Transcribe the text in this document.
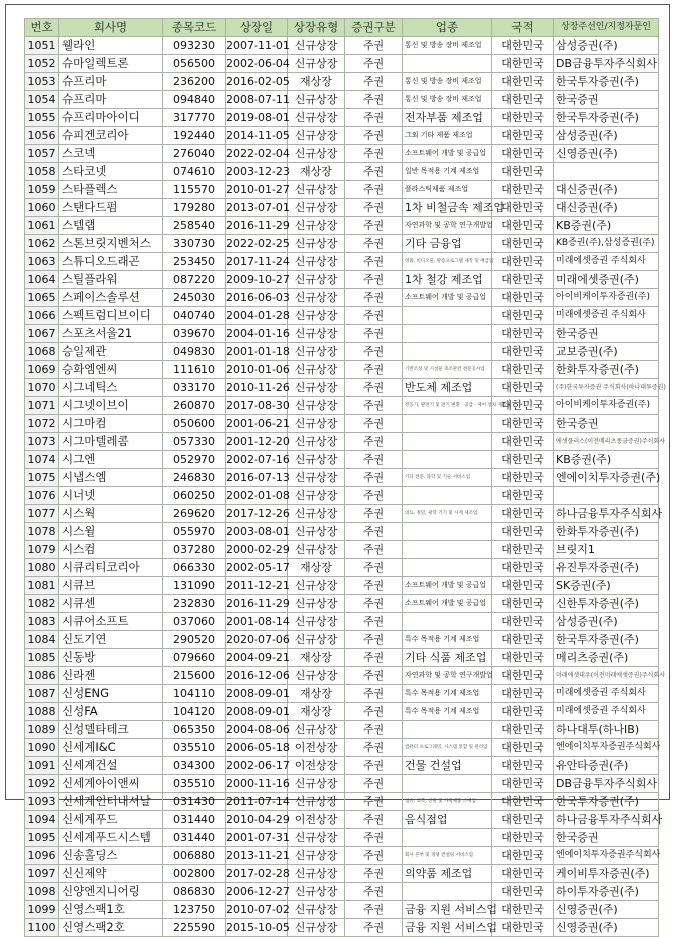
번호	회사명	종목코드	상장일	상장유형	증권구분	업종	국적	상장주선인/지정자문인
1051	웰라인	093230	2007-11-01	신규상장	주권	통신 및 방송 장비 제조업	대한민국	삼성증권(주)
1052	슈마일렉트론	056500	2002-06-04	신규상장	주권		대한민국	DB금융투자주식회사
1053	슈프리마	236200	2016-02-05	재상장	주권	통신 및 방송 장비 제조업	대한민국	한국투자증권(주)
1054	슈프리마	094840	2008-07-11	신규상장	주권	통신 및 방송 장비 제조업	대한민국	한국증권
1055	슈프리마아이디	317770	2019-08-01	신규상장	주권	전자부품 제조업	대한민국	한국투자증권(주)
1056	슈피겐코리아	192440	2014-11-05	신규상장	주권	그외 기타 제품 제조업	대한민국	삼성증권(주)
1057	스코넥	276040	2022-02-04	신규상장	주권	소프트웨어 개발 및 공급업	대한민국	신영증권(주)
1058	스타코넷	074610	2003-12-23	재상장	주권	일반 목적용 기계 제조업	대한민국	
1059	스타플렉스	115570	2010-01-27	신규상장	주권	플라스틱제품 제조업	대한민국	대신증권(주)
1060	스탠다드펌	179280	2013-07-01	신규상장	주권	1차 비철금속 제조업	대한민국	대신증권(주)
1061	스템랩	258540	2016-11-29	신규상장	주권	자연과학 및 공학 연구개발업	대한민국	KB증권(주)
1062	스톤브릿지벤처스	330730	2022-02-25	신규상장	주권	기타 금융업	대한민국	KB증권(주),삼성증권(주)
1063	스튜디오드래곤	253450	2017-11-24	신규상장	주권	영화, 비디오물, 방송프로그램 제작 및 배급업	대한민국	미래에셋증권 주식회사
1064	스틸플라워	087220	2009-10-27	신규상장	주권	1차 철강 제조업	대한민국	미래에셋증권(주)
1065	스페이스솔루션	245030	2016-06-03	신규상장	주권	소프트웨어 개발 및 공급업	대한민국	아이비케이투자증권(주)
1066	스펙트럼디브이디	040740	2004-01-28	신규상장	주권		대한민국	미래에셋증권 주식회사
1067	스포츠서울21	039670	2004-01-16	신규상장	주권		대한민국	한국증권
1068	승일제관	049830	2001-01-18	신규상장	주권		대한민국	교보증권(주)
1069	승화엠엔씨	111610	2010-01-06	신규상장	주권	기반조성 및 시설물 축조관련 전문공사업	대한민국	한화투자증권(주)
1070	시그네틱스	033170	2010-11-26	신규상장	주권	반도체 제조업	대한민국	(주)한국투자증권 주식회사(하나대투증권)
1071	시그넷이브이	260870	2017-08-30	신규상장	주권	전동기, 발전기 및 전기 변환 · 공급 · 제어 장치 제조업	대한민국	아이비케이투자증권(주)
1072	시그마컴	050600	2001-06-21	신규상장	주권		대한민국	한국증권
1073	시그마텔레콤	057330	2001-12-20	신규상장	주권		대한민국	에셋플러스(이전메리츠종금증권)주식회사
1074	시그엔	052970	2002-07-16	신규상장	주권		대한민국	KB증권(주)
1075	시냅스엠	246830	2016-07-13	신규상장	주권	기타 전문, 과학 및 기술 서비스업	대한민국	엔에이치투자증권(주)
1076	시너넷	060250	2002-01-08	신규상장	주권		대한민국	
1077	시스웍	269620	2017-12-26	신규상장	주권	의료, 정밀, 광학 기기 및 시계 제조업	대한민국	하나금융투자주식회사
1078	시스윌	055970	2003-08-01	신규상장	주권		대한민국	한화투자증권(주)
1079	시스컴	037280	2000-02-29	신규상장	주권		대한민국	브릿지1
1080	시큐리티코리아	066330	2002-05-17	재상장	주권		대한민국	유진투자증권(주)
1081	시큐브	131090	2011-12-21	신규상장	주권	소프트웨어 개발 및 공급업	대한민국	SK증권(주)
1082	시큐센	232830	2016-11-29	신규상장	주권	소프트웨어 개발 및 공급업	대한민국	신한투자증권(주)
1083	시큐어소프트	037060	2001-08-14	신규상장	주권		대한민국	삼성증권(주)
1084	신도기연	290520	2020-07-06	신규상장	주권	특수 목적용 기계 제조업	대한민국	한국투자증권(주)
1085	신동방	079660	2004-09-21	재상장	주권	기타 식품 제조업	대한민국	메리츠증권(주)
1086	신라젠	215600	2016-12-06	신규상장	주권	자연과학 및 공학 연구개발업	대한민국	미래에셋대우(이전미래에셋증권)주식회사
1087	신성ENG	104110	2008-09-01	재상장	주권	특수 목적용 기계 제조업	대한민국	미래에셋증권 주식회사
1088	신성FA	104120	2008-09-01	재상장	주권	특수 목적용 기계 제조업	대한민국	미래에셋증권 주식회사
1089	신성델타테크	065350	2004-08-06	신규상장	주권		대한민국	하나대투(하나IB)
1090	신세계I&C	035510	2006-05-18	이전상장	주권	컴퓨터 프로그래밍, 시스템 통합 및 관리업	대한민국	엔에이치투자증권주식회사
1091	신세계건설	034300	2002-06-17	이전상장	주권	건물 건설업	대한민국	유안타증권(주)
1092	신세계아이앤씨	035510	2000-11-16	신규상장	주권		대한민국	DB금융투자주식회사
1093	신세계인터내셔날	031430	2011-07-14	신규상장	주권	섬유, 의복, 신발 및 가죽제품 소매업	대한민국	한국투자증권(주)
1094	신세계푸드	031440	2010-04-29	이전상장	주권	음식점업	대한민국	하나금융투자주식회사
1095	신세계푸드시스템	031440	2001-07-31	신규상장	주권		대한민국	한국증권
1096	신송홀딩스	006880	2013-11-21	신규상장	주권	회사 본부 및 경영 컨설팅 서비스업	대한민국	엔에이치투자증권주식회사
1097	신신제약	002800	2017-02-28	신규상장	주권	의약품 제조업	대한민국	케이비투자증권(주)
1098	신양엔지니어링	086830	2006-12-27	신규상장	주권		대한민국	하이투자증권(주)
1099	신영스팩1호	123750	2010-07-02	신규상장	주권	금융 지원 서비스업	대한민국	신영증권(주)
1100	신영스팩2호	225590	2015-10-05	신규상장	주권	금융 지원 서비스업	대한민국	신영증권(주)
